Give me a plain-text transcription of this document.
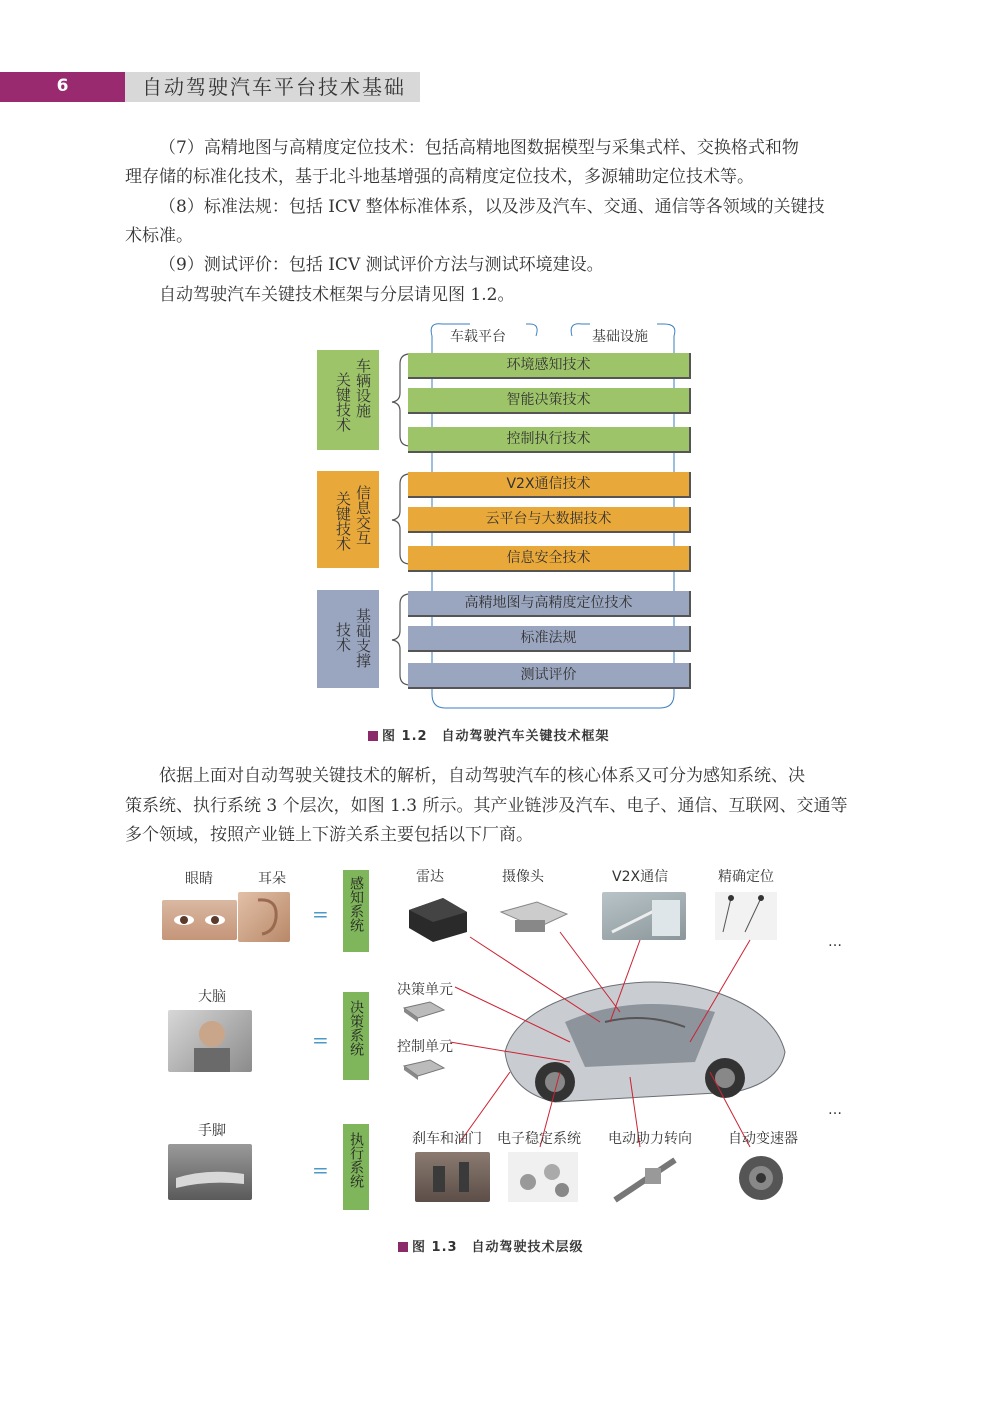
6	自动驾驶汽车平台技术基础
（7）高精地图与高精度定位技术：包括高精地图数据模型与采集式样、交换格式和物
理存储的标准化技术，基于北斗地基增强的高精度定位技术，多源辅助定位技术等。
（8）标准法规：包括 ICV 整体标准体系，以及涉及汽车、交通、通信等各领域的关键技
术标准。
（9）测试评价：包括 ICV 测试评价方法与测试环境建设。
自动驾驶汽车关键技术框架与分层请见图 1.2。
车载平台	基础设施
关键技术 车辆设施	环境感知技术
智能决策技术
控制执行技术
关键技术 信息交互
V2X通信技术
云平台与大数据技术
信息安全技术
技术 基础支撑
高精地图与高精度定位技术
标准法规
测试评价
图 1.2　自动驾驶汽车关键技术框架
依据上面对自动驾驶关键技术的解析，自动驾驶汽车的核心体系又可分为感知系统、决
策系统、执行系统 3 个层次，如图 1.3 所示。其产业链涉及汽车、电子、通信、互联网、交通等
多个领域，按照产业链上下游关系主要包括以下厂商。
眼睛	耳朵
= 感知系统	雷达	摄像头	V2X通信	精确定位
…
大脑
= 决策系统
决策单元
控制单元
…
手脚
= 执行系统	刹车和油门 电子稳定系统 电动助力转向	自动变速器
图 1.3　自动驾驶技术层级
